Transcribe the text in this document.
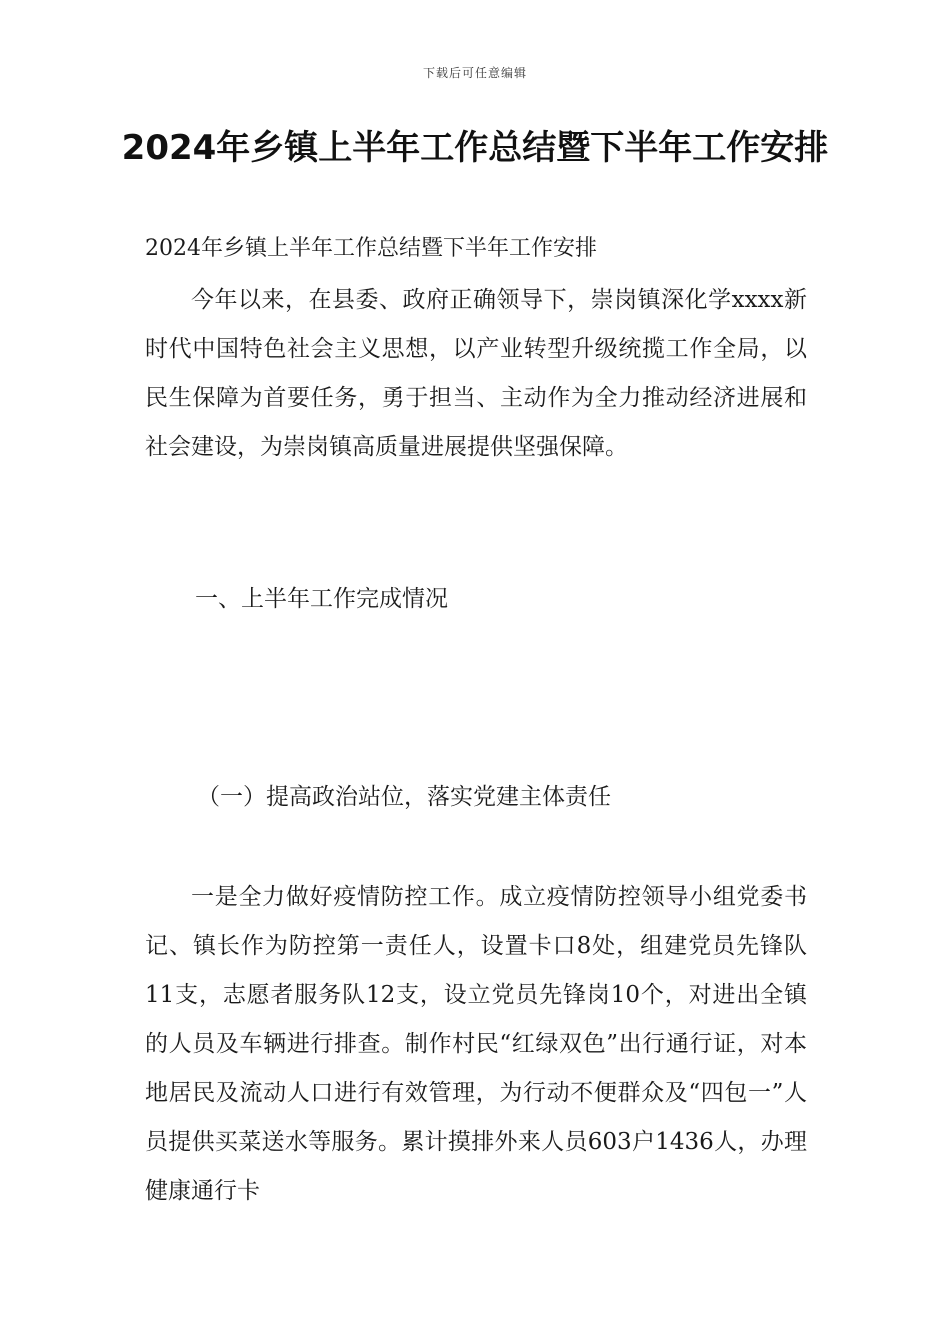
下载后可任意编辑
2024年乡镇上半年工作总结暨下半年工作安排
2024年乡镇上半年工作总结暨下半年工作安排
今年以来，在县委、政府正确领导下，崇岗镇深化学xxxx新时代中国特色社会主义思想，以产业转型升级统揽工作全局，以民生保障为首要任务，勇于担当、主动作为全力推动经济进展和社会建设，为崇岗镇高质量进展提供坚强保障。
一、上半年工作完成情况
（一）提高政治站位，落实党建主体责任
一是全力做好疫情防控工作。成立疫情防控领导小组党委书记、镇长作为防控第一责任人，设置卡口8处，组建党员先锋队11支，志愿者服务队12支，设立党员先锋岗10个，对进出全镇的人员及车辆进行排查。制作村民“红绿双色”出行通行证，对本地居民及流动人口进行有效管理，为行动不便群众及“四包一”人员提供买菜送水等服务。累计摸排外来人员603户1436人，办理健康通行卡
